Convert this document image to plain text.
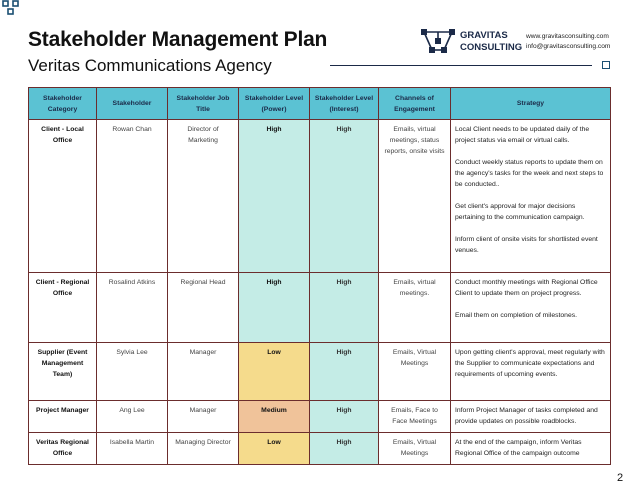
Stakeholder Management Plan
Veritas Communications Agency
GRAVITAS
CONSULTING
www.gravitasconsulting.com
info@gravitasconsulting.com
Stakeholder Category	Stakeholder	Stakeholder Job Title	Stakeholder Level (Power)	Stakeholder Level (Interest)	Channels of Engagement	Strategy
Client - Local Office	Rowan Chan	Director of Marketing	High	High	Emails, virtual meetings, status reports, onsite visits	Local Client needs to be updated daily of the project status via email or virtual calls.

Conduct weekly status reports to update them on the agency's tasks for the week and next steps to be conducted..

Get client's approval for major decisions pertaining to the communication campaign.

Inform client of onsite visits for shortlisted event venues.

Client - Regional Office	Rosalind Atkins	Regional Head	High	High	Emails, virtual meetings.	Conduct monthly meetings with Regional Office Client to update them on project progress.

Email them on completion of milestones.

Supplier (Event Management Team)	Sylvia Lee	Manager	Low	High	Emails, Virtual Meetings	Upon getting client's approval, meet regularly with the Supplier to communicate expectations and requirements of upcoming events.

Project Manager	Ang Lee	Manager	Medium	High	Emails, Face to Face Meetings	Inform Project Manager of tasks completed and provide updates on possible roadblocks.

Veritas Regional Office	Isabella Martin	Managing Director	Low	High	Emails, Virtual Meetings	At the end of the campaign, inform Veritas Regional Office of the campaign outcome

2
